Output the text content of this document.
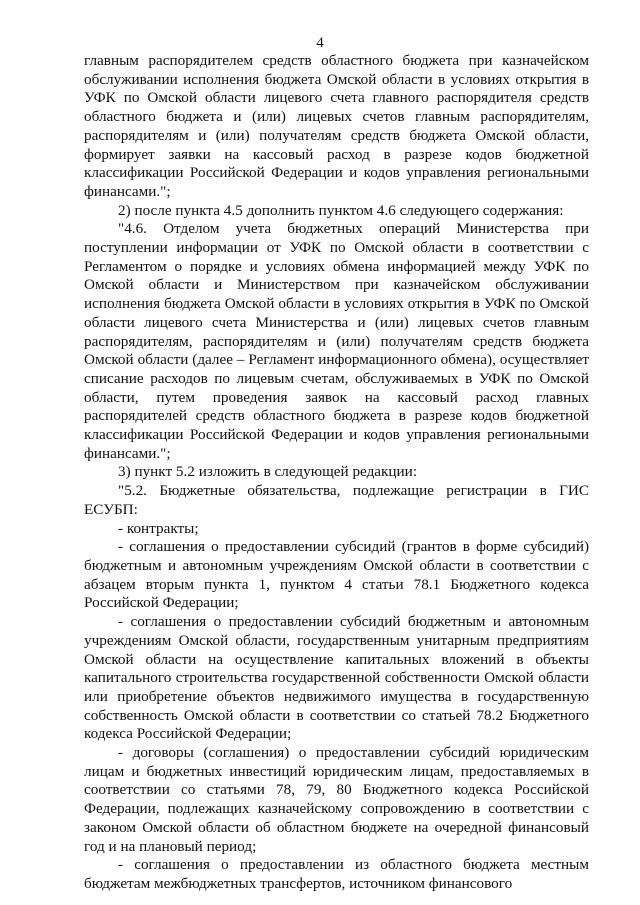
4

главным распорядителем средств областного бюджета при казначейском обслуживании исполнения бюджета Омской области в условиях открытия в УФК по Омской области лицевого счета главного распорядителя средств областного бюджета и (или) лицевых счетов главным распорядителям, распорядителям и (или) получателям средств бюджета Омской области, формирует заявки на кассовый расход в разрезе кодов бюджетной классификации Российской Федерации и кодов управления региональными финансами.";

2) после пункта 4.5 дополнить пунктом 4.6 следующего содержания:

"4.6. Отделом учета бюджетных операций Министерства при поступлении информации от УФК по Омской области в соответствии с Регламентом о порядке и условиях обмена информацией между УФК по Омской области и Министерством при казначейском обслуживании исполнения бюджета Омской области в условиях открытия в УФК по Омской области лицевого счета Министерства и (или) лицевых счетов главным распорядителям, распорядителям и (или) получателям средств бюджета Омской области (далее – Регламент информационного обмена), осуществляет списание расходов по лицевым счетам, обслуживаемых в УФК по Омской области, путем проведения заявок на кассовый расход главных распорядителей средств областного бюджета в разрезе кодов бюджетной классификации Российской Федерации и кодов управления региональными финансами.";

3) пункт 5.2 изложить в следующей редакции:

"5.2. Бюджетные обязательства, подлежащие регистрации в ГИС ЕСУБП:

- контракты;

- соглашения о предоставлении субсидий (грантов в форме субсидий) бюджетным и автономным учреждениям Омской области в соответствии с абзацем вторым пункта 1, пунктом 4 статьи 78.1 Бюджетного кодекса Российской Федерации;

- соглашения о предоставлении субсидий бюджетным и автономным учреждениям Омской области, государственным унитарным предприятиям Омской области на осуществление капитальных вложений в объекты капитального строительства государственной собственности Омской области или приобретение объектов недвижимого имущества в государственную собственность Омской области в соответствии со статьей 78.2 Бюджетного кодекса Российской Федерации;

- договоры (соглашения) о предоставлении субсидий юридическим лицам и бюджетных инвестиций юридическим лицам, предоставляемых в соответствии со статьями 78, 79, 80 Бюджетного кодекса Российской Федерации, подлежащих казначейскому сопровождению в соответствии с законом Омской области об областном бюджете на очередной финансовый год и на плановый период;

- соглашения о предоставлении из областного бюджета местным бюджетам межбюджетных трансфертов, источником финансового
